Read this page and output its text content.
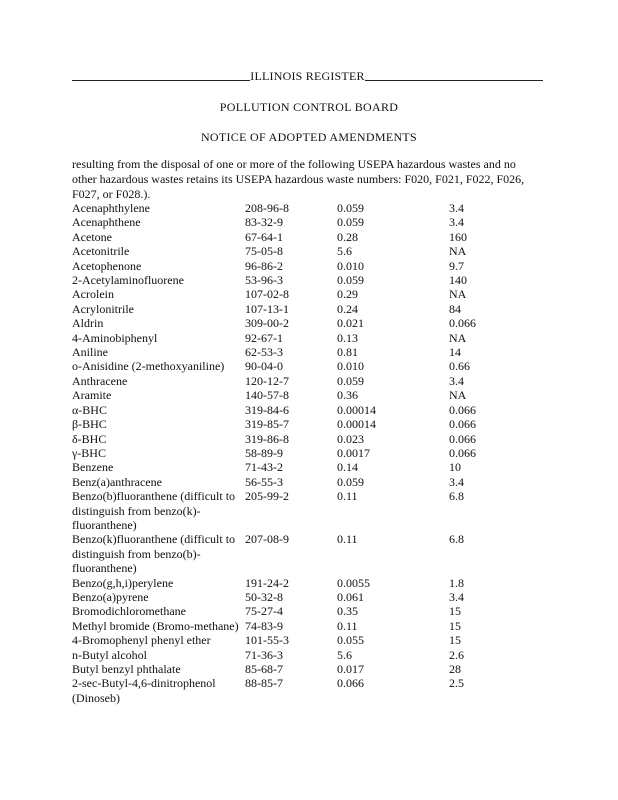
ILLINOIS REGISTER
POLLUTION CONTROL BOARD
NOTICE OF ADOPTED AMENDMENTS
resulting from the disposal of one or more of the following USEPA hazardous wastes and no other hazardous wastes retains its USEPA hazardous waste numbers: F020, F021, F022, F026, F027, or F028.).
Acenaphthylene	208-96-8	0.059	3.4
Acenaphthene	83-32-9	0.059	3.4
Acetone	67-64-1	0.28	160
Acetonitrile	75-05-8	5.6	NA
Acetophenone	96-86-2	0.010	9.7
2-Acetylaminofluorene	53-96-3	0.059	140
Acrolein	107-02-8	0.29	NA
Acrylonitrile	107-13-1	0.24	84
Aldrin	309-00-2	0.021	0.066
4-Aminobiphenyl	92-67-1	0.13	NA
Aniline	62-53-3	0.81	14
o-Anisidine (2-methoxyaniline)	90-04-0	0.010	0.66
Anthracene	120-12-7	0.059	3.4
Aramite	140-57-8	0.36	NA
α-BHC	319-84-6	0.00014	0.066
β-BHC	319-85-7	0.00014	0.066
δ-BHC	319-86-8	0.023	0.066
γ-BHC	58-89-9	0.0017	0.066
Benzene	71-43-2	0.14	10
Benz(a)anthracene	56-55-3	0.059	3.4
Benzo(b)fluoranthene (difficult to distinguish from benzo(k)-fluoranthene)	205-99-2	0.11	6.8
Benzo(k)fluoranthene (difficult to distinguish from benzo(b)-fluoranthene)	207-08-9	0.11	6.8
Benzo(g,h,i)perylene	191-24-2	0.0055	1.8
Benzo(a)pyrene	50-32-8	0.061	3.4
Bromodichloromethane	75-27-4	0.35	15
Methyl bromide (Bromo-methane)	74-83-9	0.11	15
4-Bromophenyl phenyl ether	101-55-3	0.055	15
n-Butyl alcohol	71-36-3	5.6	2.6
Butyl benzyl phthalate	85-68-7	0.017	28
2-sec-Butyl-4,6-dinitrophenol (Dinoseb)	88-85-7	0.066	2.5
